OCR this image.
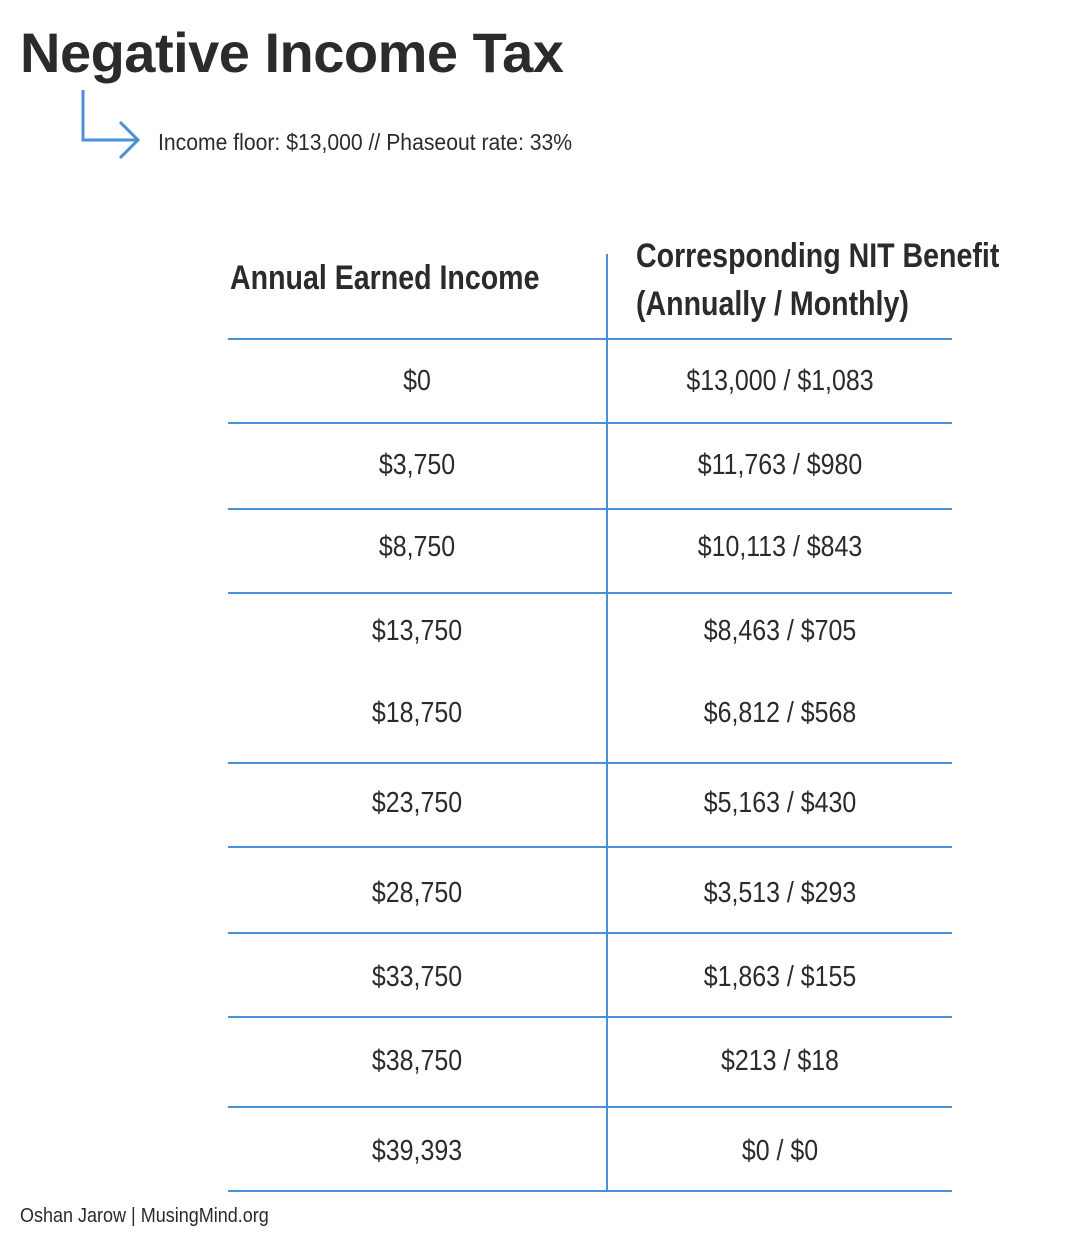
Negative Income Tax
Income floor: $13,000 // Phaseout rate: 33%
Annual Earned Income
Corresponding NIT Benefit
(Annually / Monthly)
$0	$13,000 / $1,083
$3,750	$11,763 / $980
$8,750	$10,113 / $843
$13,750	$8,463 / $705
$18,750	$6,812 / $568
$23,750	$5,163 / $430
$28,750	$3,513 / $293
$33,750	$1,863 / $155
$38,750	$213 / $18
$39,393	$0 / $0
Oshan Jarow | MusingMind.org
